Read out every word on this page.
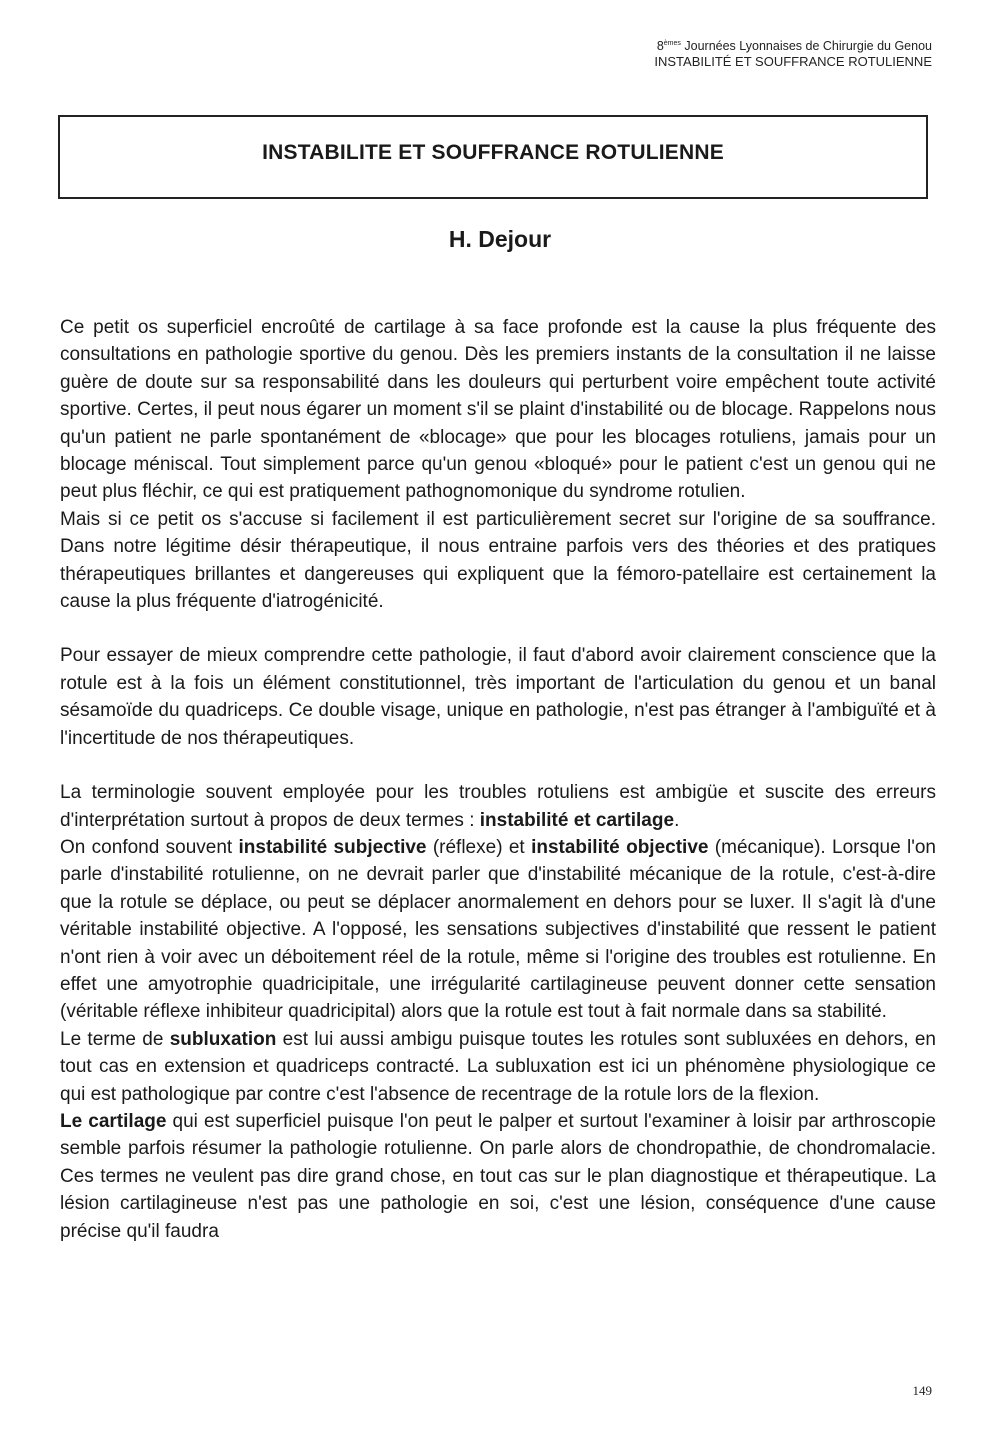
8èmes Journées Lyonnaises de Chirurgie du Genou
INSTABILITÉ ET SOUFFRANCE ROTULIENNE
INSTABILITE ET SOUFFRANCE ROTULIENNE
H. Dejour

Ce petit os superficiel encroûté de cartilage à sa face profonde est la cause la plus fréquente des consultations en pathologie sportive du genou. Dès les premiers instants de la consultation il ne laisse guère de doute sur sa responsabilité dans les douleurs qui perturbent voire empêchent toute activité sportive. Certes, il peut nous égarer un moment s'il se plaint d'instabilité ou de blocage. Rappelons nous qu'un patient ne parle spontanément de «blocage» que pour les blocages rotuliens, jamais pour un blocage méniscal. Tout simplement parce qu'un genou «bloqué» pour le patient c'est un genou qui ne peut plus fléchir, ce qui est pratiquement pathognomonique du syndrome rotulien.

Mais si ce petit os s'accuse si facilement il est particulièrement secret sur l'origine de sa souffrance. Dans notre légitime désir thérapeutique, il nous entraine parfois vers des théories et des pratiques thérapeutiques brillantes et dangereuses qui expliquent que la fémoro-patellaire est certainement la cause la plus fréquente d'iatrogénicité.

Pour essayer de mieux comprendre cette pathologie, il faut d'abord avoir clairement conscience que la rotule est à la fois un élément constitutionnel, très important de l'articulation du genou et un banal sésamoïde du quadriceps. Ce double visage, unique en pathologie, n'est pas étranger à l'ambiguïté et à l'incertitude de nos thérapeutiques.

La terminologie souvent employée pour les troubles rotuliens est ambigüe et suscite des erreurs d'interprétation surtout à propos de deux termes : instabilité et cartilage.

On confond souvent instabilité subjective (réflexe) et instabilité objective (mécanique). Lorsque l'on parle d'instabilité rotulienne, on ne devrait parler que d'instabilité mécanique de la rotule, c'est-à-dire que la rotule se déplace, ou peut se déplacer anormalement en dehors pour se luxer. Il s'agit là d'une véritable instabilité objective. A l'opposé, les sensations subjectives d'instabilité que ressent le patient n'ont rien à voir avec un déboitement réel de la rotule, même si l'origine des troubles est rotulienne. En effet une amyotrophie quadricipitale, une irrégularité cartilagineuse peuvent donner cette sensation (véritable réflexe inhibiteur quadricipital) alors que la rotule est tout à fait normale dans sa stabilité.

Le terme de subluxation est lui aussi ambigu puisque toutes les rotules sont subluxées en dehors, en tout cas en extension et quadriceps contracté. La subluxation est ici un phénomène physiologique ce qui est pathologique par contre c'est l'absence de recentrage de la rotule lors de la flexion.

Le cartilage qui est superficiel puisque l'on peut le palper et surtout l'examiner à loisir par arthroscopie semble parfois résumer la pathologie rotulienne. On parle alors de chondropathie, de chondromalacie. Ces termes ne veulent pas dire grand chose, en tout cas sur le plan diagnostique et thérapeutique. La lésion cartilagineuse n'est pas une pathologie en soi, c'est une lésion, conséquence d'une cause précise qu'il faudra

149
